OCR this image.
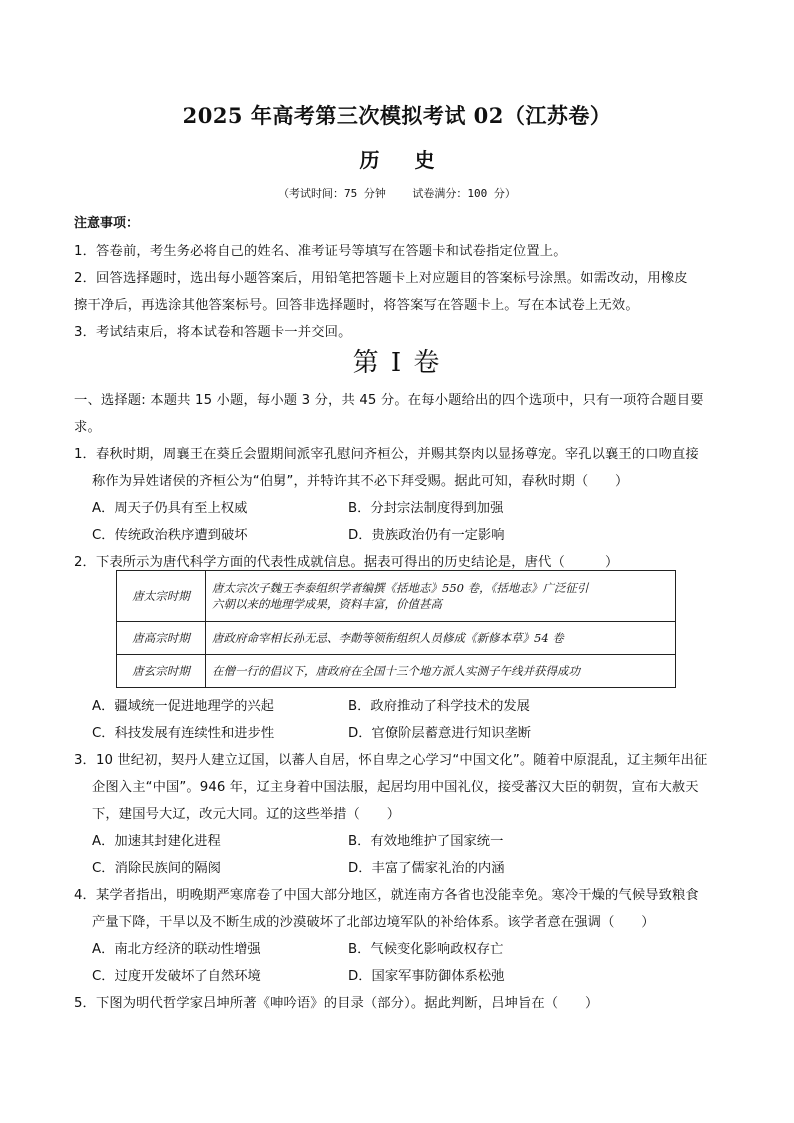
2025 年高考第三次模拟考试 02（江苏卷）
历 史
（考试时间：75 分钟    试卷满分：100 分）
注意事项：
1．答卷前，考生务必将自己的姓名、准考证号等填写在答题卡和试卷指定位置上。
2．回答选择题时，选出每小题答案后，用铅笔把答题卡上对应题目的答案标号涂黑。如需改动，用橡皮
擦干净后，再选涂其他答案标号。回答非选择题时，将答案写在答题卡上。写在本试卷上无效。
3．考试结束后，将本试卷和答题卡一并交回。
第 I 卷
一、选择题: 本题共 15 小题，每小题 3 分，共 45 分。在每小题给出的四个选项中，只有一项符合题目要
求。
1．春秋时期，周襄王在葵丘会盟期间派宰孔慰问齐桓公，并赐其祭肉以显扬尊宠。宰孔以襄王的口吻直接
称作为异姓诸侯的齐桓公为“伯舅”，并特许其不必下拜受赐。据此可知，春秋时期（　　）
A．周天子仍具有至上权威	B．分封宗法制度得到加强
C．传统政治秩序遭到破坏	D．贵族政治仍有一定影响
2．下表所示为唐代科学方面的代表性成就信息。据表可得出的历史结论是，唐代（　　　）
唐太宗时期	唐太宗次子魏王李泰组织学者编撰《括地志》550 卷，《括地志》广泛征引
六朝以来的地理学成果，资料丰富，价值甚高

唐高宗时期	唐政府命宰相长孙无忌、李勣等领衔组织人员修成《新修本草》54 卷

唐玄宗时期	在僧一行的倡议下，唐政府在全国十三个地方派人实测子午线并获得成功
A．疆域统一促进地理学的兴起	B．政府推动了科学技术的发展
C．科技发展有连续性和进步性	D．官僚阶层蓄意进行知识垄断
3．10 世纪初，契丹人建立辽国，以蕃人自居，怀自卑之心学习“中国文化”。随着中原混乱，辽主频年出征
企图入主“中国”。946 年，辽主身着中国法服，起居均用中国礼仪，接受蕃汉大臣的朝贺，宣布大赦天
下，建国号大辽，改元大同。辽的这些举措（　　）
A．加速其封建化进程	B．有效地维护了国家统一
C．消除民族间的隔阂	D．丰富了儒家礼治的内涵
4．某学者指出，明晚期严寒席卷了中国大部分地区，就连南方各省也没能幸免。寒冷干燥的气候导致粮食
产量下降，干旱以及不断生成的沙漠破坏了北部边境军队的补给体系。该学者意在强调（　　）
A．南北方经济的联动性增强	B．气候变化影响政权存亡
C．过度开发破坏了自然环境	D．国家军事防御体系松弛
5．下图为明代哲学家吕坤所著《呻吟语》的目录（部分）。据此判断，吕坤旨在（　　）
